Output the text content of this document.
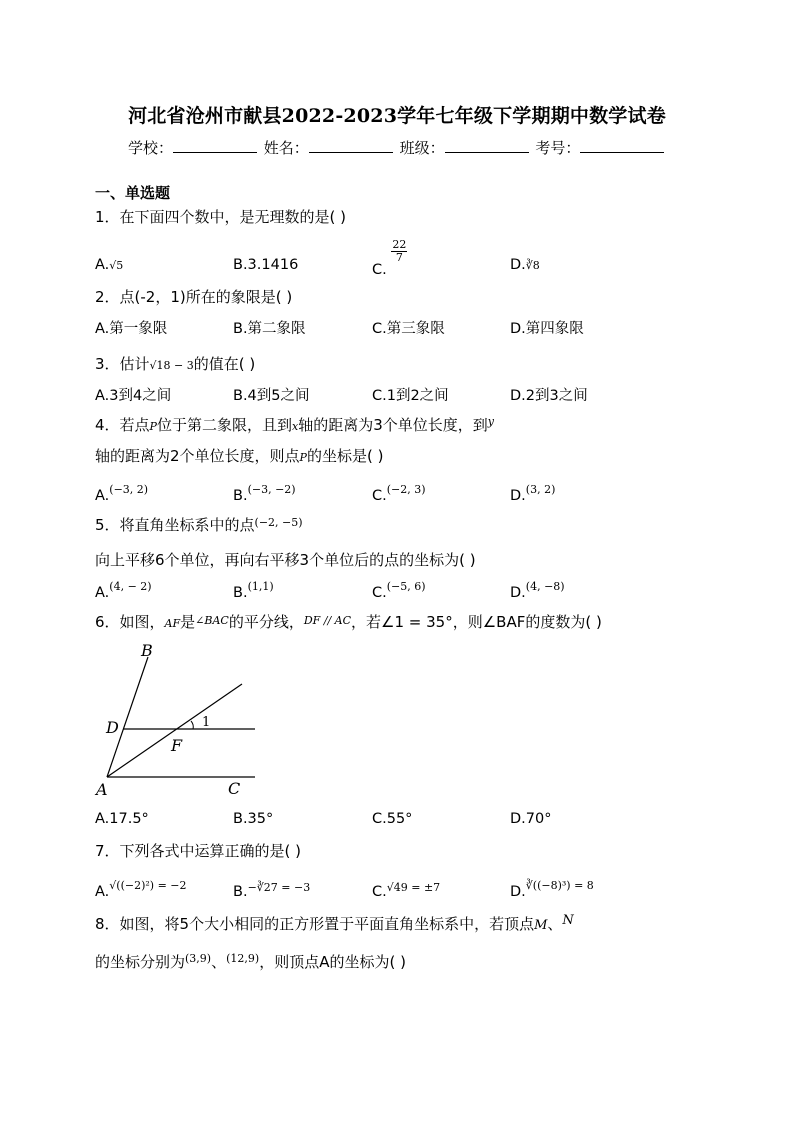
河北省沧州市献县2022-2023学年七年级下学期期中数学试卷
学校：	姓名：	班级：	考号：
一、单选题
1．在下面四个数中，是无理数的是( )
A.√5	B.3.1416	C.
$\frac{22}{7}$
D.∛8
2．点(-2，1)所在的象限是( )
A.第一象限	B.第二象限	C.第三象限	D.第四象限
3．估计√18 − 3的值在( )
A.3到4之间	B.4到5之间	C.1到2之间	D.2到3之间
4．若点P位于第二象限，且到x轴的距离为3个单位长度，到$^y$
轴的距离为2个单位长度，则点P的坐标是( )
A.(−3, 2)	B.(−3, −2)	C.(−2, 3)	D.(3, 2)
5．将直角坐标系中的点$^{(-2, -5)}$
向上平移6个单位，再向右平移3个单位后的点的坐标为( )
A.(4, − 2)	B.(1,1)	C.(−5, 6)	D.(4, −8)
6．如图，AF是$^{\angle BAC}$的平分线，$^{DF // AC}$，若∠1 = 35°，则∠BAF的度数为( )
B
D
F
A	C
1
A.17.5°	B.35°	C.55°	D.70°
7．下列各式中运算正确的是( )
A.√((−2)²) = −2	B.−∛27 = −3	C.√49 = ±7	D.∛((−8)³) = 8
8．如图，将5个大小相同的正方形置于平面直角坐标系中，若顶点M、N
的坐标分别为$^{(3,9)}$、$^{(12,9)}$，则顶点A的坐标为( )
